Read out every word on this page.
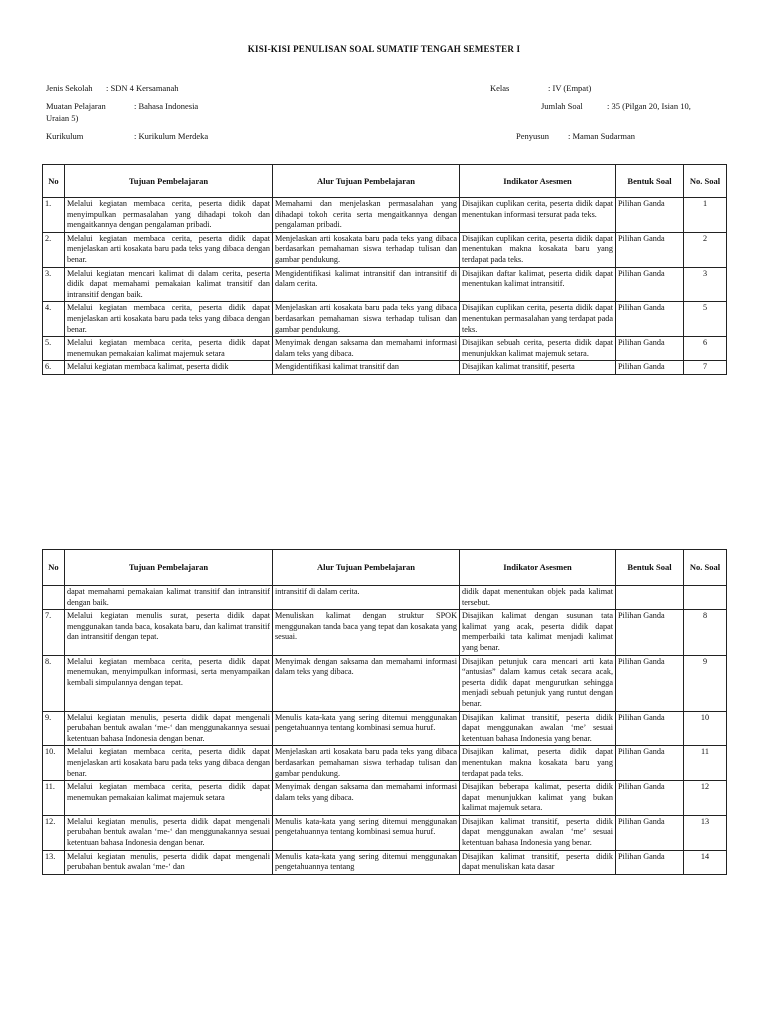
KISI-KISI PENULISAN SOAL SUMATIF TENGAH SEMESTER I
Jenis Sekolah : SDN 4 Kersamanah	Kelas	: IV (Empat)
Muatan Pelajaran	: Bahasa Indonesia	Jumlah Soal	: 35 (Pilgan 20, Isian 10,
Uraian 5)
Kurikulum	: Kurikulum Merdeka	Penyusun : Maman Sudarman
No	Tujuan Pembelajaran	Alur Tujuan Pembelajaran	Indikator Asesmen	Bentuk Soal	No. Soal
1.	Melalui kegiatan membaca cerita, peserta didik dapat menyimpulkan permasalahan yang dihadapi tokoh dan mengaitkannya dengan pengalaman pribadi.	Memahami dan menjelaskan permasalahan yang dihadapi tokoh cerita serta mengaitkannya dengan pengalaman pribadi.	Disajikan cuplikan cerita, peserta didik dapat menentukan informasi tersurat pada teks.	Pilihan Ganda	1
2.	Melalui kegiatan membaca cerita, peserta didik dapat menjelaskan arti kosakata baru pada teks yang dibaca dengan benar.	Menjelaskan arti kosakata baru pada teks yang dibaca berdasarkan pemahaman siswa terhadap tulisan dan gambar pendukung.	Disajikan cuplikan cerita, peserta didik dapat menentukan makna kosakata baru yang terdapat pada teks.	Pilihan Ganda	2
3.	Melalui kegiatan mencari kalimat di dalam cerita, peserta didik dapat memahami pemakaian kalimat transitif dan intransitif dengan baik.	Mengidentifikasi kalimat intransitif dan intransitif di dalam cerita.	Disajikan daftar kalimat, peserta didik dapat menentukan kalimat intransitif.	Pilihan Ganda	3
4.	Melalui kegiatan membaca cerita, peserta didik dapat menjelaskan arti kosakata baru pada teks yang dibaca dengan benar.	Menjelaskan arti kosakata baru pada teks yang dibaca berdasarkan pemahaman siswa terhadap tulisan dan gambar pendukung.	Disajikan cuplikan cerita, peserta didik dapat menentukan permasalahan yang terdapat pada teks.	Pilihan Ganda	5
5.	Melalui kegiatan membaca cerita, peserta didik dapat menemukan pemakaian kalimat majemuk setara	Menyimak dengan saksama dan memahami informasi dalam teks yang dibaca.	Disajikan sebuah cerita, peserta didik dapat menunjukkan kalimat majemuk setara.	Pilihan Ganda	6
6.	Melalui kegiatan membaca kalimat, peserta didik	Mengidentifikasi kalimat transitif dan	Disajikan kalimat transitif, peserta	Pilihan Ganda	7
No	Tujuan Pembelajaran	Alur Tujuan Pembelajaran	Indikator Asesmen	Bentuk Soal	No. Soal
	dapat memahami pemakaian kalimat transitif dan intransitif dengan baik.	intransitif di dalam cerita.	didik dapat menentukan objek pada kalimat tersebut.		
7.	Melalui kegiatan menulis surat, peserta didik dapat menggunakan tanda baca, kosakata baru, dan kalimat transitif dan intransitif dengan tepat.	Menuliskan kalimat dengan struktur SPOK menggunakan tanda baca yang tepat dan kosakata yang sesuai.	Disajikan kalimat dengan susunan tata kalimat yang acak, peserta didik dapat memperbaiki tata kalimat menjadi kalimat yang benar.	Pilihan Ganda	8
8.	Melalui kegiatan membaca cerita, peserta didik dapat menemukan, menyimpulkan informasi, serta menyampaikan kembali simpulannya dengan tepat.	Menyimak dengan saksama dan memahami informasi dalam teks yang dibaca.	Disajikan petunjuk cara mencari arti kata “antusias” dalam kamus cetak secara acak, peserta didik dapat mengurutkan sehingga menjadi sebuah petunjuk yang runtut dengan benar.	Pilihan Ganda	9
9.	Melalui kegiatan menulis, peserta didik dapat mengenali perubahan bentuk awalan ‘me-‘ dan menggunakannya sesuai ketentuan bahasa Indonesia dengan benar.	Menulis kata-kata yang sering ditemui menggunakan pengetahuannya tentang kombinasi semua huruf.	Disajikan kalimat transitif, peserta didik dapat menggunakan awalan ‘me’ sesuai ketentuan bahasa Indonesia yang benar.	Pilihan Ganda	10
10.	Melalui kegiatan membaca cerita, peserta didik dapat menjelaskan arti kosakata baru pada teks yang dibaca dengan benar.	Menjelaskan arti kosakata baru pada teks yang dibaca berdasarkan pemahaman siswa terhadap tulisan dan gambar pendukung.	Disajikan kalimat, peserta didik dapat menentukan makna kosakata baru yang terdapat pada teks.	Pilihan Ganda	11
11.	Melalui kegiatan membaca cerita, peserta didik dapat menemukan pemakaian kalimat majemuk setara	Menyimak dengan saksama dan memahami informasi dalam teks yang dibaca.	Disajikan beberapa kalimat, peserta didik dapat menunjukkan kalimat yang bukan kalimat majemuk setara.	Pilihan Ganda	12
12.	Melalui kegiatan menulis, peserta didik dapat mengenali perubahan bentuk awalan ‘me-‘ dan menggunakannya sesuai ketentuan bahasa Indonesia dengan benar.	Menulis kata-kata yang sering ditemui menggunakan pengetahuannya tentang kombinasi semua huruf.	Disajikan kalimat transitif, peserta didik dapat menggunakan awalan ‘me’ sesuai ketentuan bahasa Indonesia yang benar.	Pilihan Ganda	13
13.	Melalui kegiatan menulis, peserta didik dapat mengenali perubahan bentuk awalan ‘me-‘ dan	Menulis kata-kata yang sering ditemui menggunakan pengetahuannya tentang	Disajikan kalimat transitif, peserta didik dapat menuliskan kata dasar	Pilihan Ganda	14
